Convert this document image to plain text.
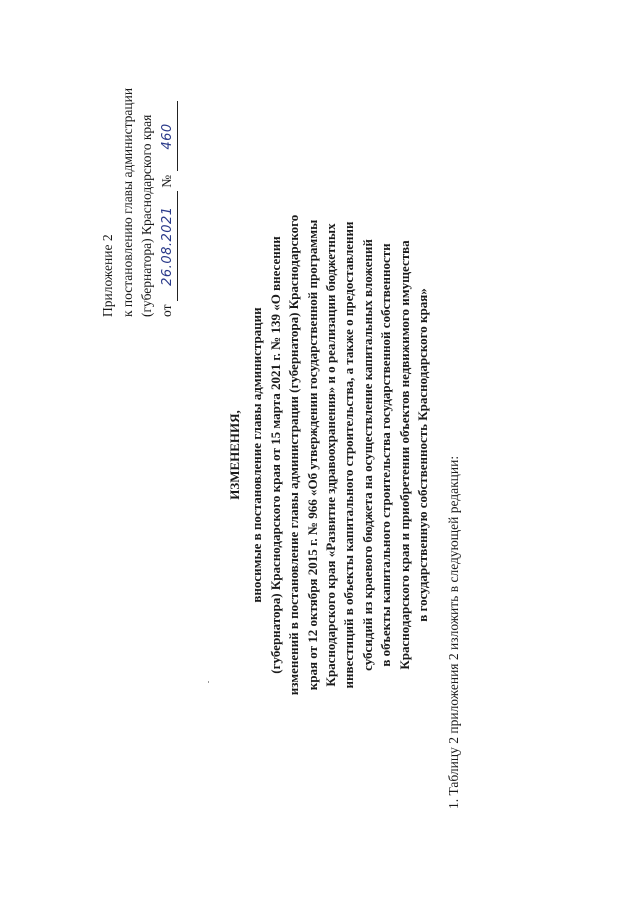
Приложение 2 к постановлению главы администрации (губернатора) Краснодарского края от 26.08.2021 № 460
ИЗМЕНЕНИЯ, вносимые в постановление главы администрации (губернатора) Краснодарского края от 15 марта 2021 г. № 139 «О внесении изменений в постановление главы администрации (губернатора) Краснодарского края от 12 октября 2015 г. № 966 «Об утверждении государственной программы Краснодарского края «Развитие здравоохранения» и о реализации бюджетных инвестиций в объекты капитального строительства, а также о предоставлении субсидий из краевого бюджета на осуществление капитальных вложений в объекты капитального строительства государственной собственности Краснодарского края и приобретении объектов недвижимого имущества в государственную собственность Краснодарского края»
1. Таблицу 2 приложения 2 изложить в следующей редакции:
